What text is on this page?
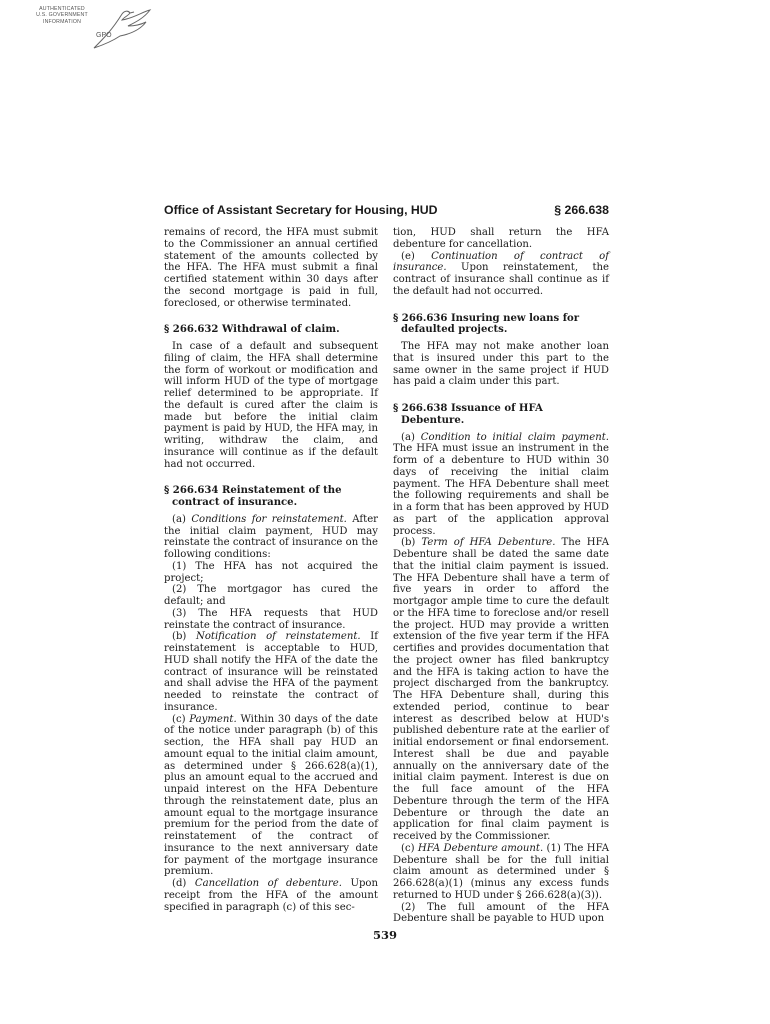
AUTHENTICATED
U.S. GOVERNMENT
INFORMATION
GPO
Office of Assistant Secretary for Housing, HUD	§ 266.638

remains of record, the HFA must submit to the Commissioner an annual certified statement of the amounts collected by the HFA. The HFA must submit a final certified statement within 30 days after the second mortgage is paid in full, foreclosed, or otherwise terminated.

§ 266.632 Withdrawal of claim.

In case of a default and subsequent filing of claim, the HFA shall determine the form of workout or modification and will inform HUD of the type of mortgage relief determined to be appropriate. If the default is cured after the claim is made but before the initial claim payment is paid by HUD, the HFA may, in writing, withdraw the claim, and insurance will continue as if the default had not occurred.

§ 266.634 Reinstatement of the contract of insurance.

(a) Conditions for reinstatement. After the initial claim payment, HUD may reinstate the contract of insurance on the following conditions:

(1) The HFA has not acquired the project;

(2) The mortgagor has cured the default; and

(3) The HFA requests that HUD reinstate the contract of insurance.

(b) Notification of reinstatement. If reinstatement is acceptable to HUD, HUD shall notify the HFA of the date the contract of insurance will be reinstated and shall advise the HFA of the payment needed to reinstate the contract of insurance.

(c) Payment. Within 30 days of the date of the notice under paragraph (b) of this section, the HFA shall pay HUD an amount equal to the initial claim amount, as determined under § 266.628(a)(1), plus an amount equal to the accrued and unpaid interest on the HFA Debenture through the reinstatement date, plus an amount equal to the mortgage insurance premium for the period from the date of reinstatement of the contract of insurance to the next anniversary date for payment of the mortgage insurance premium.

(d) Cancellation of debenture. Upon receipt from the HFA of the amount specified in paragraph (c) of this sec-

tion, HUD shall return the HFA debenture for cancellation.

(e) Continuation of contract of insurance. Upon reinstatement, the contract of insurance shall continue as if the default had not occurred.

§ 266.636 Insuring new loans for defaulted projects.

The HFA may not make another loan that is insured under this part to the same owner in the same project if HUD has paid a claim under this part.

§ 266.638 Issuance of HFA Debenture.

(a) Condition to initial claim payment. The HFA must issue an instrument in the form of a debenture to HUD within 30 days of receiving the initial claim payment. The HFA Debenture shall meet the following requirements and shall be in a form that has been approved by HUD as part of the application approval process.

(b) Term of HFA Debenture. The HFA Debenture shall be dated the same date that the initial claim payment is issued. The HFA Debenture shall have a term of five years in order to afford the mortgagor ample time to cure the default or the HFA time to foreclose and/or resell the project. HUD may provide a written extension of the five year term if the HFA certifies and provides documentation that the project owner has filed bankruptcy and the HFA is taking action to have the project discharged from the bankruptcy. The HFA Debenture shall, during this extended period, continue to bear interest as described below at HUD's published debenture rate at the earlier of initial endorsement or final endorsement. Interest shall be due and payable annually on the anniversary date of the initial claim payment. Interest is due on the full face amount of the HFA Debenture through the term of the HFA Debenture or through the date an application for final claim payment is received by the Commissioner.

(c) HFA Debenture amount. (1) The HFA Debenture shall be for the full initial claim amount as determined under § 266.628(a)(1) (minus any excess funds returned to HUD under § 266.628(a)(3)).

(2) The full amount of the HFA Debenture shall be payable to HUD upon

539
